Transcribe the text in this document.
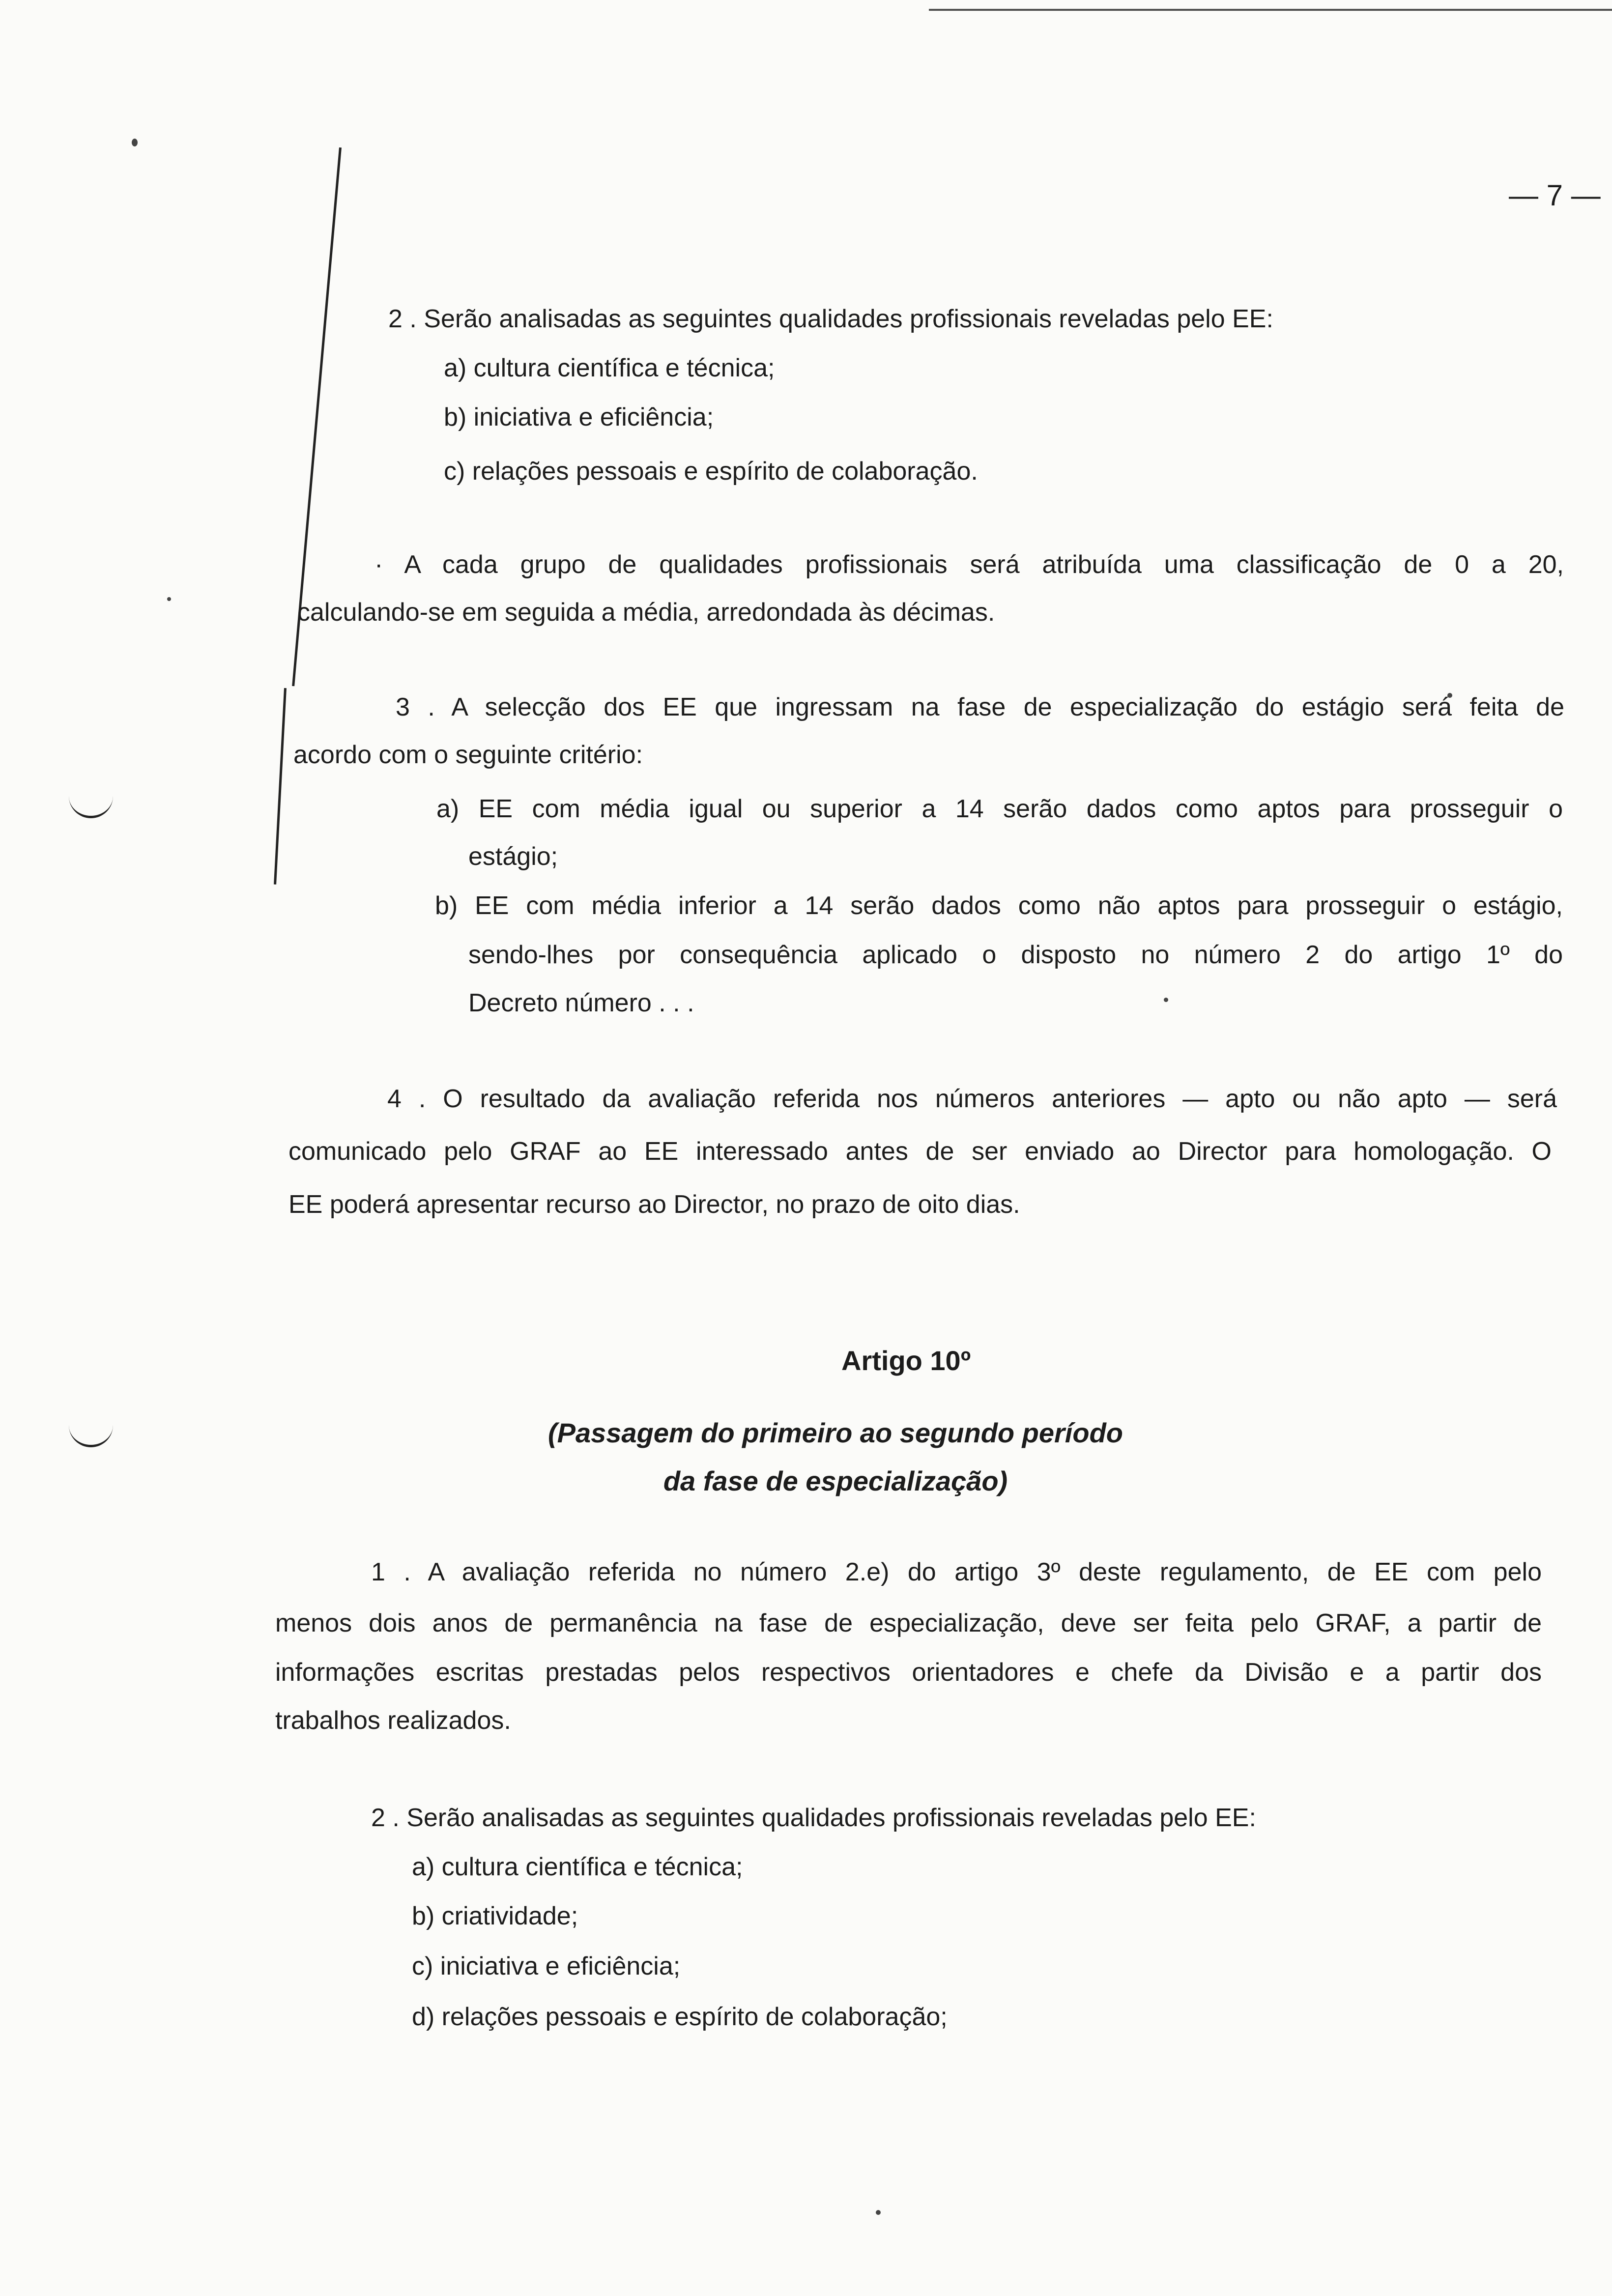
— 7 —
2 . Serão analisadas as seguintes qualidades profissionais reveladas pelo EE:
a) cultura científica e técnica;
b) iniciativa e eficiência;
c) relações pessoais e espírito de colaboração.
· A cada grupo de qualidades profissionais será atribuída uma classificação de 0 a 20,
calculando-se em seguida a média, arredondada às décimas.
3 . A selecção dos EE que ingressam na fase de especialização do estágio será feita de
acordo com o seguinte critério:
a) EE com média igual ou superior a 14 serão dados como aptos para prosseguir o
estágio;
b) EE com média inferior a 14 serão dados como não aptos para prosseguir o estágio,
sendo-lhes por consequência aplicado o disposto no número 2 do artigo 1º do
Decreto número . . .
4 . O resultado da avaliação referida nos números anteriores — apto ou não apto — será
comunicado pelo GRAF ao EE interessado antes de ser enviado ao Director para homologação. O
EE poderá apresentar recurso ao Director, no prazo de oito dias.
Artigo 10º
(Passagem do primeiro ao segundo período
da fase de especialização)
1 . A avaliação referida no número 2.e) do artigo 3º deste regulamento, de EE com pelo
menos dois anos de permanência na fase de especialização, deve ser feita pelo GRAF, a partir de
informações escritas prestadas pelos respectivos orientadores e chefe da Divisão e a partir dos
trabalhos realizados.
2 . Serão analisadas as seguintes qualidades profissionais reveladas pelo EE:
a) cultura científica e técnica;
b) criatividade;
c) iniciativa e eficiência;
d) relações pessoais e espírito de colaboração;
